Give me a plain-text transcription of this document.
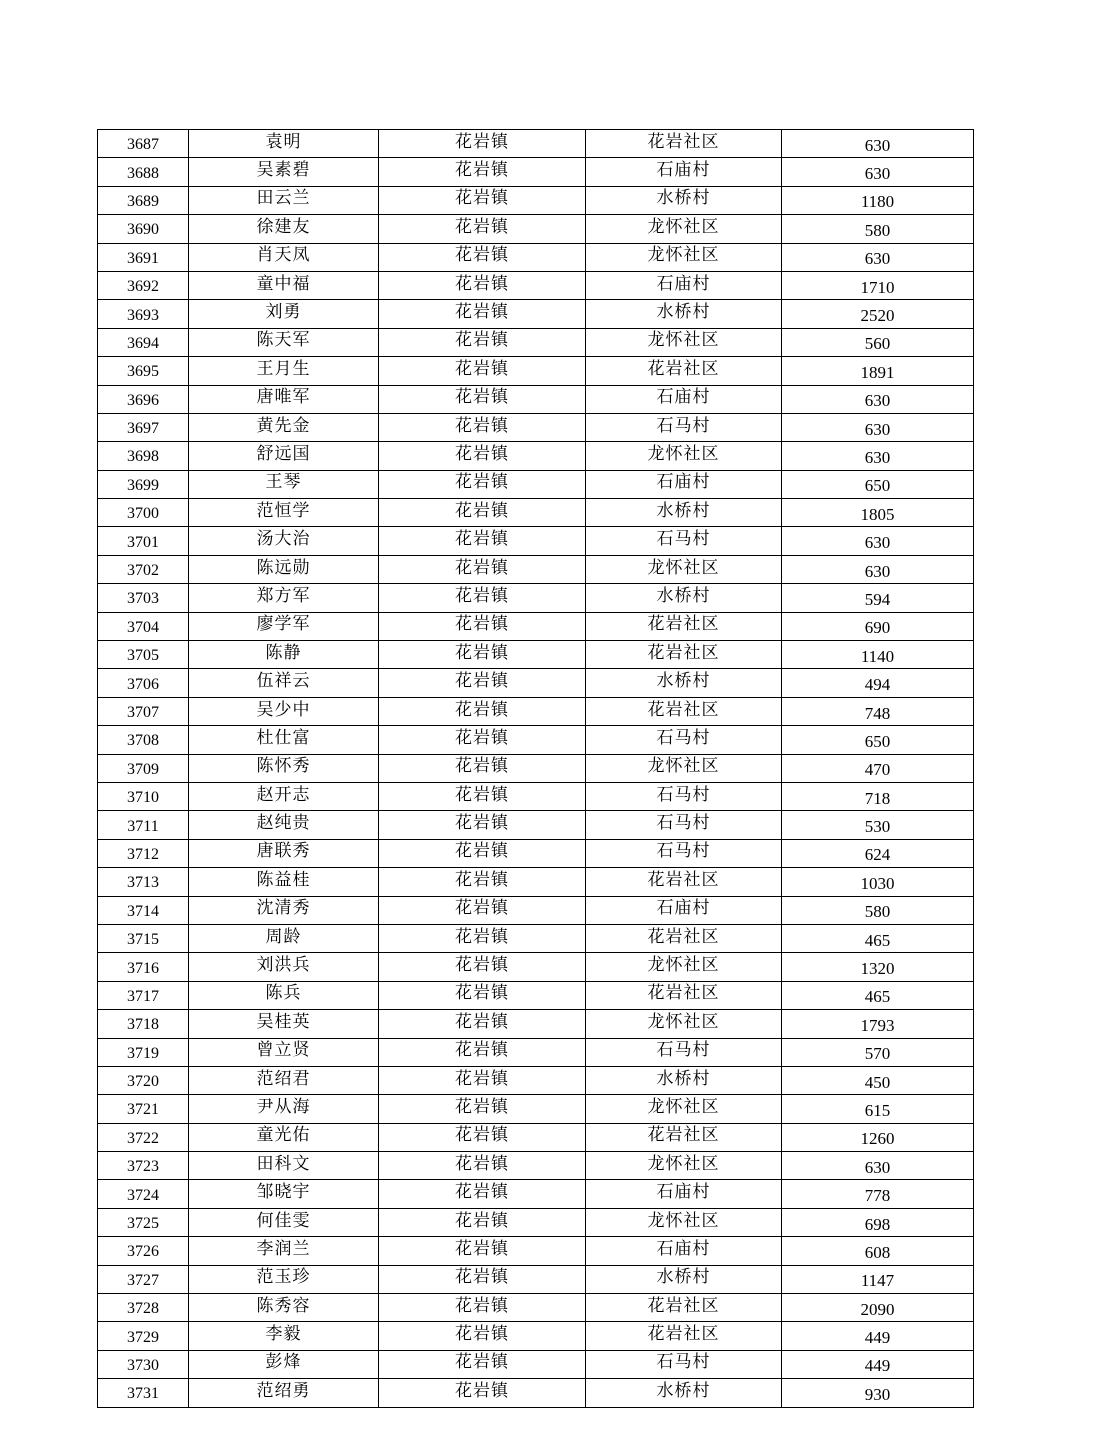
3687	袁明	花岩镇	花岩社区	630
3688	吴素碧	花岩镇	石庙村	630
3689	田云兰	花岩镇	水桥村	1180
3690	徐建友	花岩镇	龙怀社区	580
3691	肖天凤	花岩镇	龙怀社区	630
3692	童中福	花岩镇	石庙村	1710
3693	刘勇	花岩镇	水桥村	2520
3694	陈天军	花岩镇	龙怀社区	560
3695	王月生	花岩镇	花岩社区	1891
3696	唐唯军	花岩镇	石庙村	630
3697	黄先金	花岩镇	石马村	630
3698	舒远国	花岩镇	龙怀社区	630
3699	王琴	花岩镇	石庙村	650
3700	范恒学	花岩镇	水桥村	1805
3701	汤大治	花岩镇	石马村	630
3702	陈远勋	花岩镇	龙怀社区	630
3703	郑方军	花岩镇	水桥村	594
3704	廖学军	花岩镇	花岩社区	690
3705	陈静	花岩镇	花岩社区	1140
3706	伍祥云	花岩镇	水桥村	494
3707	吴少中	花岩镇	花岩社区	748
3708	杜仕富	花岩镇	石马村	650
3709	陈怀秀	花岩镇	龙怀社区	470
3710	赵开志	花岩镇	石马村	718
3711	赵纯贵	花岩镇	石马村	530
3712	唐联秀	花岩镇	石马村	624
3713	陈益桂	花岩镇	花岩社区	1030
3714	沈清秀	花岩镇	石庙村	580
3715	周龄	花岩镇	花岩社区	465
3716	刘洪兵	花岩镇	龙怀社区	1320
3717	陈兵	花岩镇	花岩社区	465
3718	吴桂英	花岩镇	龙怀社区	1793
3719	曾立贤	花岩镇	石马村	570
3720	范绍君	花岩镇	水桥村	450
3721	尹从海	花岩镇	龙怀社区	615
3722	童光佑	花岩镇	花岩社区	1260
3723	田科文	花岩镇	龙怀社区	630
3724	邹晓宇	花岩镇	石庙村	778
3725	何佳雯	花岩镇	龙怀社区	698
3726	李润兰	花岩镇	石庙村	608
3727	范玉珍	花岩镇	水桥村	1147
3728	陈秀容	花岩镇	花岩社区	2090
3729	李毅	花岩镇	花岩社区	449
3730	彭烽	花岩镇	石马村	449
3731	范绍勇	花岩镇	水桥村	930
